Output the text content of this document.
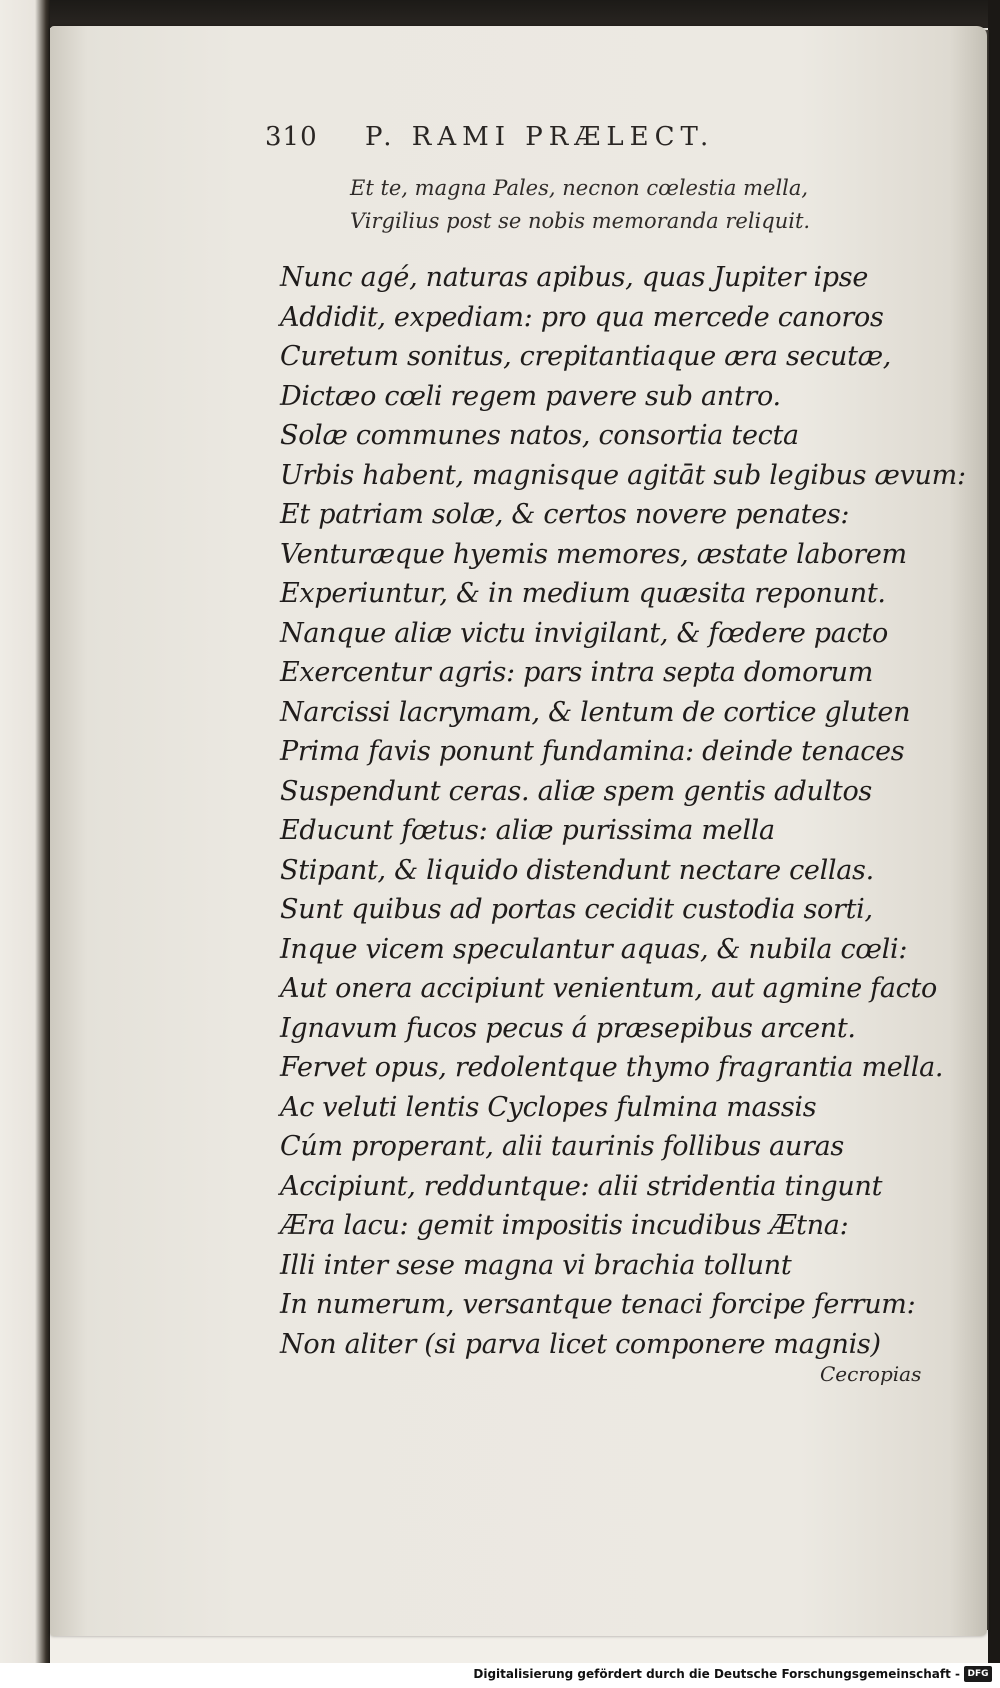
310 P. RAMI PRÆLECT.
Et te, magna Pales, necnon cœlestia mella,
Virgilius post se nobis memoranda reliquit.
Nunc agé, naturas apibus, quas Jupiter ipse
Addidit, expediam: pro qua mercede canoros
Curetum sonitus, crepitantiaque æra secutæ,
Dictæo cœli regem pavere sub antro.
Solæ communes natos, consortia tecta
Urbis habent, magnisque agitāt sub legibus ævum:
Et patriam solæ, & certos novere penates:
Venturæque hyemis memores, æstate laborem
Experiuntur, & in medium quæsita reponunt.
Nanque aliæ victu invigilant, & fœdere pacto
Exercentur agris: pars intra septa domorum
Narcissi lacrymam, & lentum de cortice gluten
Prima favis ponunt fundamina: deinde tenaces
Suspendunt ceras. aliæ spem gentis adultos
Educunt fœtus: aliæ purissima mella
Stipant, & liquido distendunt nectare cellas.
Sunt quibus ad portas cecidit custodia sorti,
Inque vicem speculantur aquas, & nubila cœli:
Aut onera accipiunt venientum, aut agmine facto
Ignavum fucos pecus á præsepibus arcent.
Fervet opus, redolentque thymo fragrantia mella.
Ac veluti lentis Cyclopes fulmina massis
Cúm properant, alii taurinis follibus auras
Accipiunt, redduntque: alii stridentia tingunt
Æra lacu: gemit impositis incudibus Ætna:
Illi inter sese magna vi brachia tollunt
In numerum, versantque tenaci forcipe ferrum:
Non aliter (si parva licet componere magnis)
Cecropias
Digitalisierung gefördert durch die Deutsche Forschungsgemeinschaft - DFG
